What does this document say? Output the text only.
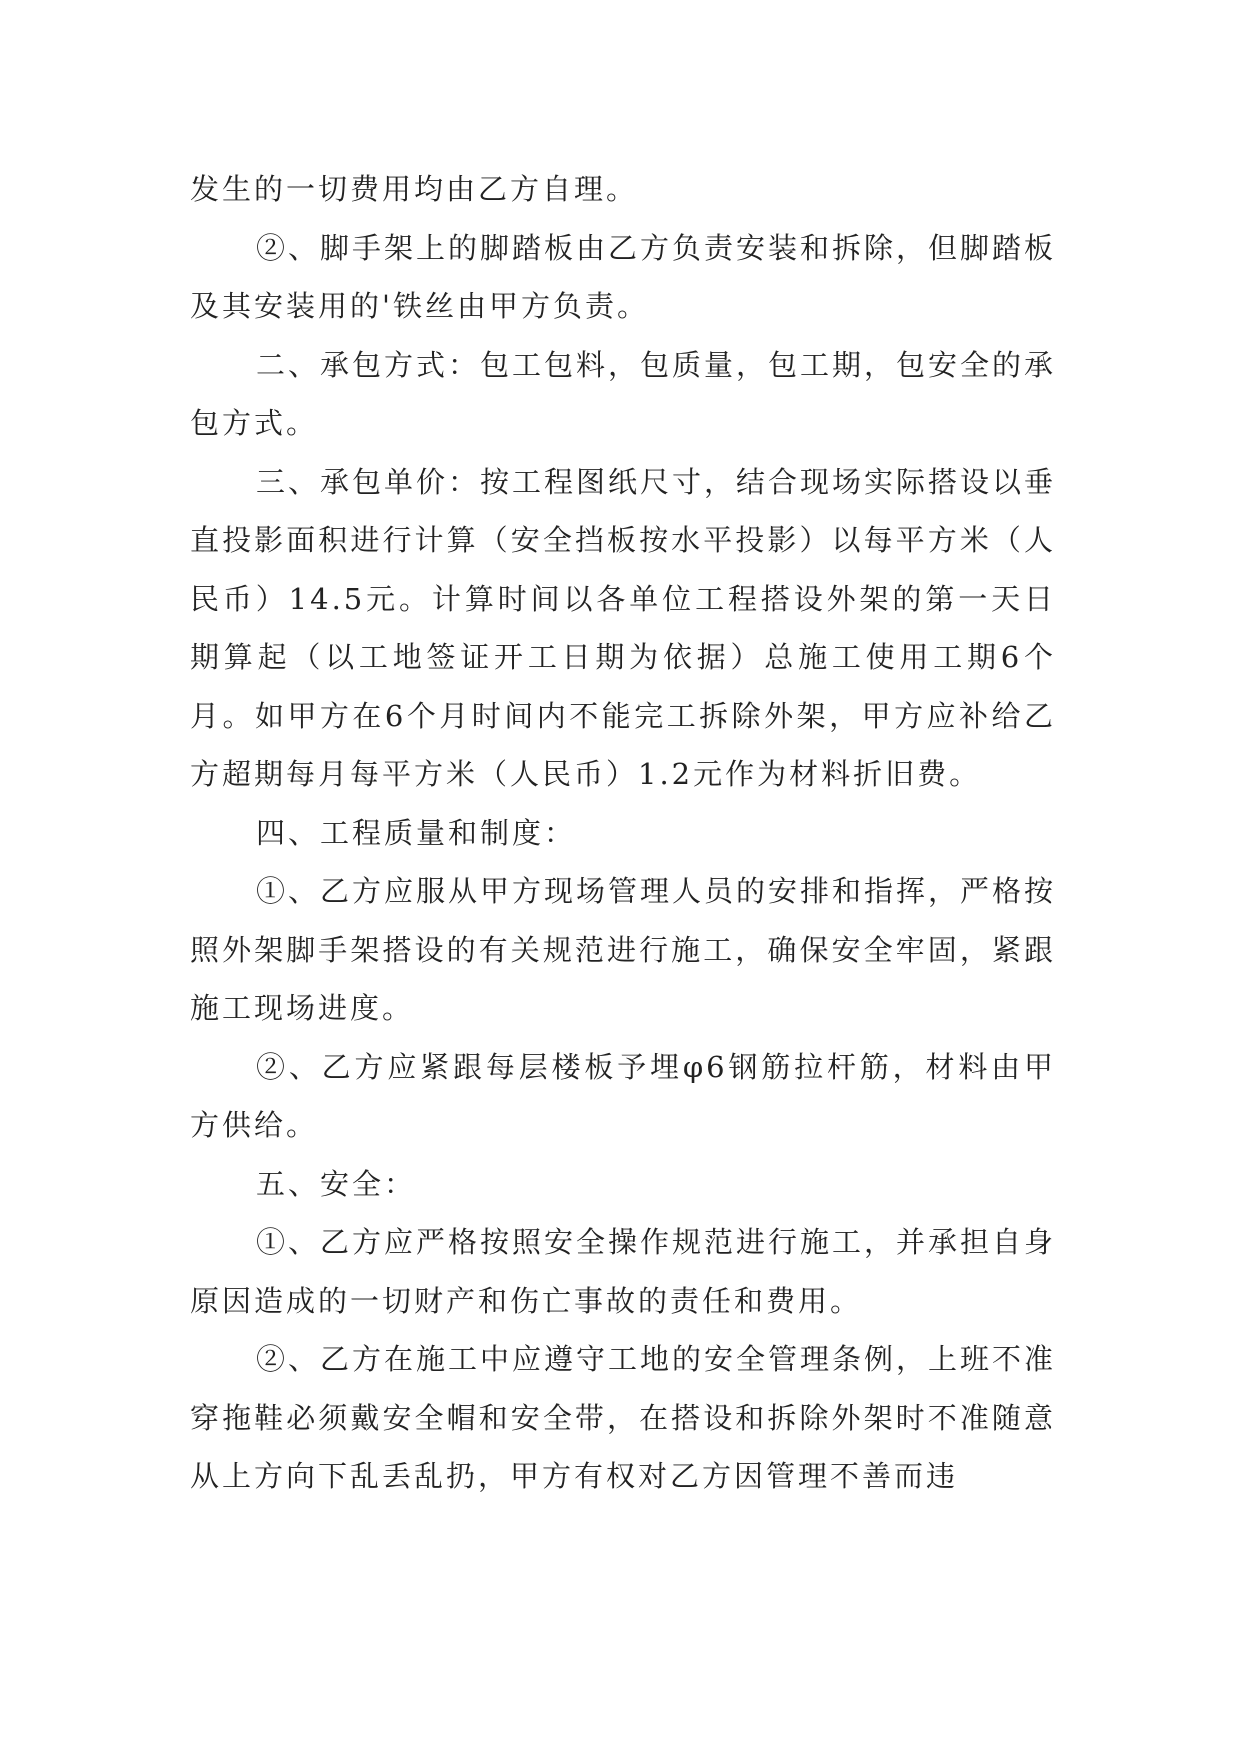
发生的一切费用均由乙方自理。

②、脚手架上的脚踏板由乙方负责安装和拆除，但脚踏板及其安装用的'铁丝由甲方负责。

二、承包方式：包工包料，包质量，包工期，包安全的承包方式。

三、承包单价：按工程图纸尺寸，结合现场实际搭设以垂直投影面积进行计算（安全挡板按水平投影）以每平方米（人民币）14.5元。计算时间以各单位工程搭设外架的第一天日期算起（以工地签证开工日期为依据）总施工使用工期6个月。如甲方在6个月时间内不能完工拆除外架，甲方应补给乙方超期每月每平方米（人民币）1.2元作为材料折旧费。

四、工程质量和制度：

①、乙方应服从甲方现场管理人员的安排和指挥，严格按照外架脚手架搭设的有关规范进行施工，确保安全牢固，紧跟施工现场进度。

②、乙方应紧跟每层楼板予埋φ6钢筋拉杆筋，材料由甲方供给。

五、安全：

①、乙方应严格按照安全操作规范进行施工，并承担自身原因造成的一切财产和伤亡事故的责任和费用。

②、乙方在施工中应遵守工地的安全管理条例，上班不准穿拖鞋必须戴安全帽和安全带，在搭设和拆除外架时不准随意从上方向下乱丢乱扔，甲方有权对乙方因管理不善而违
